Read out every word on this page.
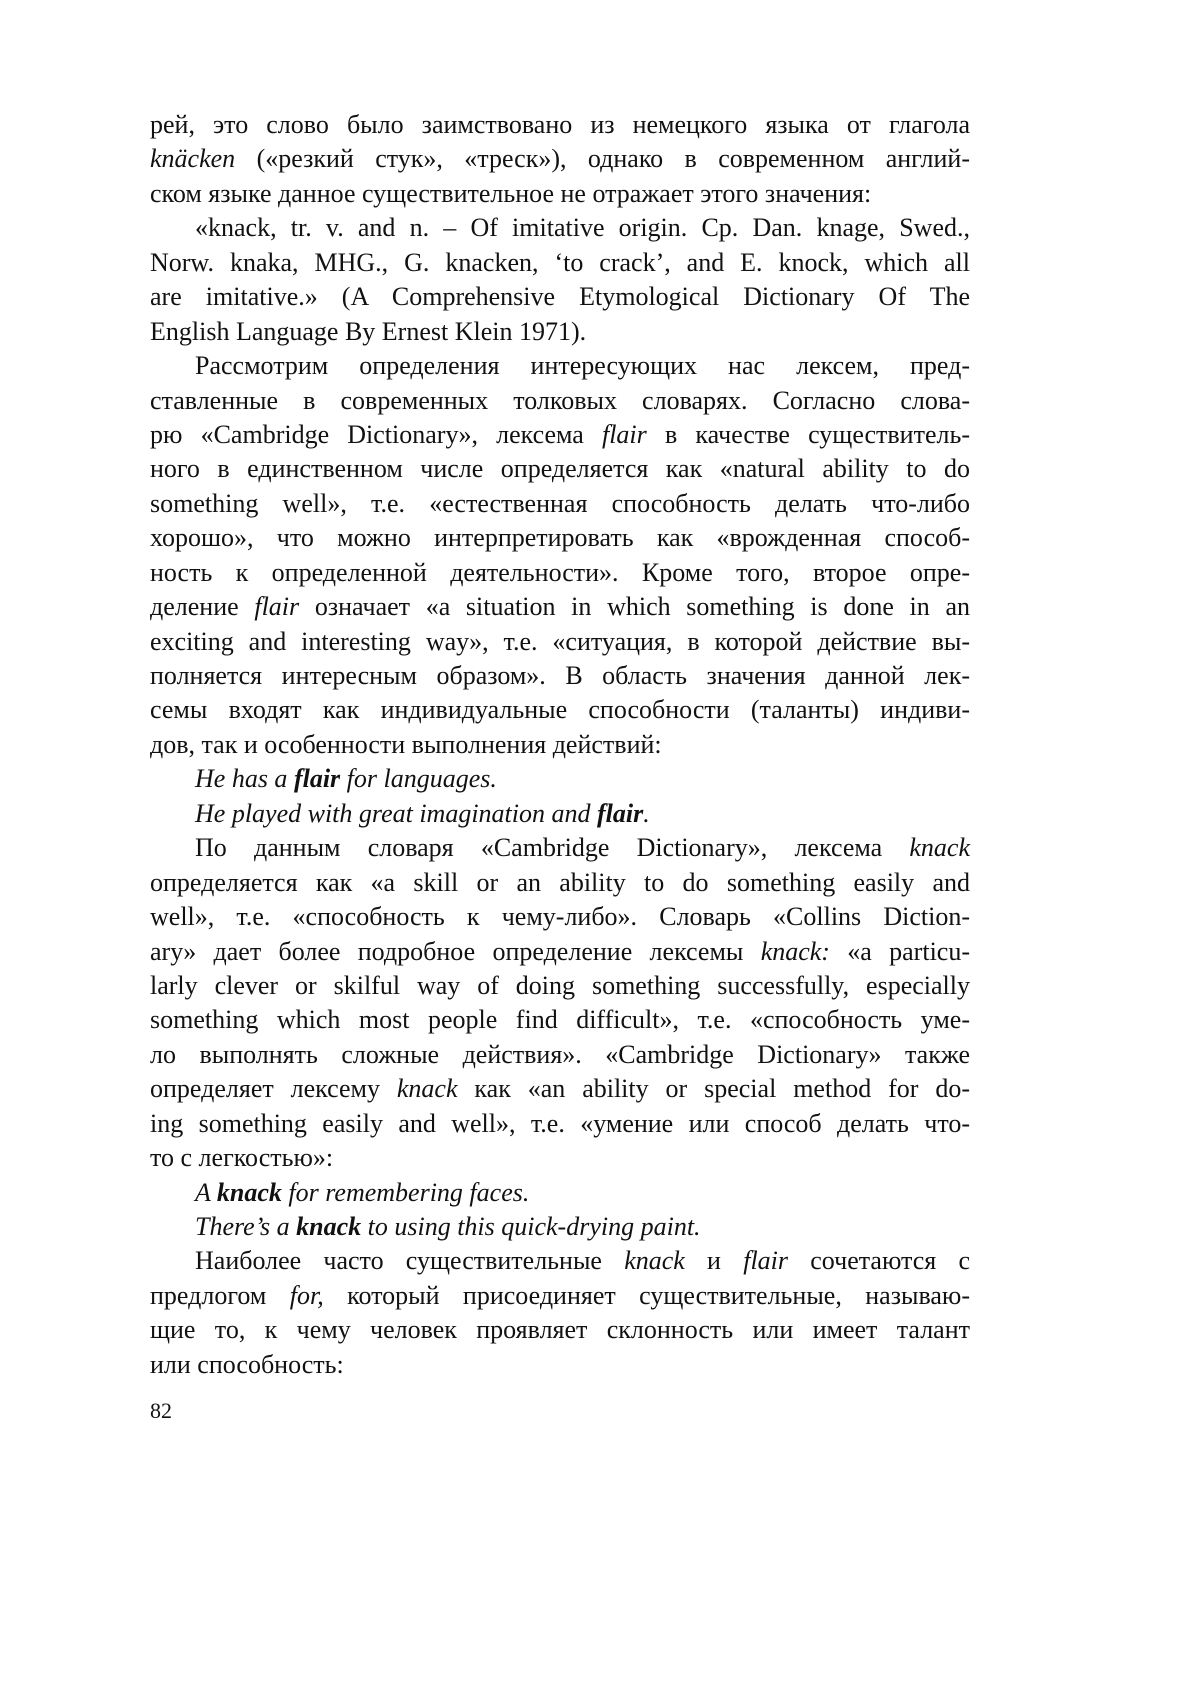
рей, это слово было заимствовано из немецкого языка от глагола
knäcken («резкий стук», «треск»), однако в современном англий-
ском языке данное существительное не отражает этого значения:
«knack, tr. v. and n. – Of imitative origin. Cp. Dan. knage, Swed.,
Norw. knaka, MHG., G. knacken, ‘to crack’, and E. knock, which all
are imitative.» (A Comprehensive Etymological Dictionary Of The
English Language By Ernest Klein 1971).
Рассмотрим определения интересующих нас лексем, пред-
ставленные в современных толковых словарях. Согласно слова-
рю «Cambridge Dictionary», лексема flair в качестве существитель-
ного в единственном числе определяется как «natural ability to do
something well», т.е. «естественная способность делать что-либо
хорошо», что можно интерпретировать как «врожденная способ-
ность к определенной деятельности». Кроме того, второе опре-
деление flair означает «a situation in which something is done in an
exciting and interesting way», т.е. «ситуация, в которой действие вы-
полняется интересным образом». В область значения данной лек-
семы входят как индивидуальные способности (таланты) индиви-
дов, так и особенности выполнения действий:
He has a flair for languages.
He played with great imagination and flair.
По данным словаря «Cambridge Dictionary», лексема knack
определяется как «a skill or an ability to do something easily and
well», т.е. «способность к чему-либо». Словарь «Collins Diction-
ary» дает более подробное определение лексемы knack: «a particu-
larly clever or skilful way of doing something successfully, especially
something which most people find difficult», т.е. «способность уме-
ло выполнять сложные действия». «Cambridge Dictionary» также
определяет лексему knack как «an ability or special method for do-
ing something easily and well», т.е. «умение или способ делать что-
то с легкостью»:
A knack for remembering faces.
There’s a knack to using this quick-drying paint.
Наиболее часто существительные knack и flair сочетаются с
предлогом for, который присоединяет существительные, называю-
щие то, к чему человек проявляет склонность или имеет талант
или способность:
82
